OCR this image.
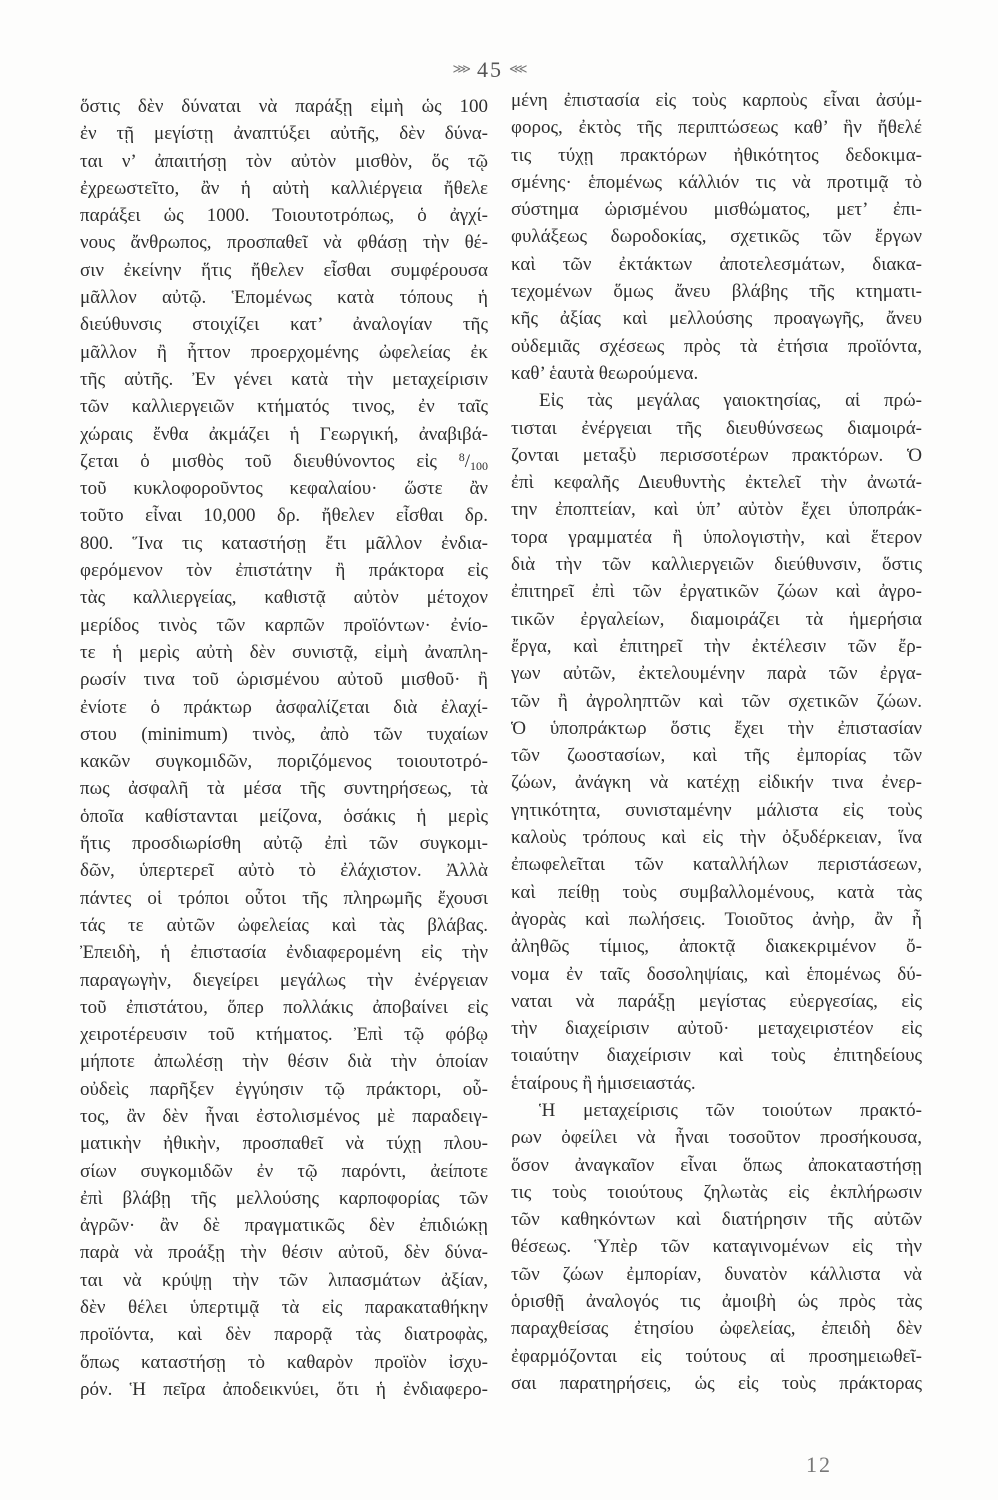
⋙ 45 ⋘
ὅστις δὲν δύναται νὰ παράξῃ εἰμὴ ὡς 100
ἐν τῇ μεγίστῃ ἀναπτύξει αὐτῆς, δὲν δύνα-
ται ν’ ἀπαιτήσῃ τὸν αὐτὸν μισθὸν, ὅς τῷ
ἐχρεωστεῖτο, ἂν ἡ αὐτὴ καλλιέργεια ἤθελε
παράξει ὡς 1000. Τοιουτοτρόπως, ὁ ἀγχί-
νους ἄνθρωπος, προσπαθεῖ νὰ φθάσῃ τὴν θέ-
σιν ἐκείνην ἥτις ἤθελεν εἶσθαι συμφέρουσα
μᾶλλον αὐτῷ. Ἑπομένως κατὰ τόπους ἡ
διεύθυνσις στοιχίζει κατ’ ἀναλογίαν τῆς
μᾶλλον ἢ ἧττον προερχομένης ὠφελείας ἐκ
τῆς αὐτῆς. Ἐν γένει κατὰ τὴν μεταχείρισιν
τῶν καλλιεργειῶν κτήματός τινος, ἐν ταῖς
χώραις ἔνθα ἀκμάζει ἡ Γεωργική, ἀναβιβά-
ζεται ὁ μισθὸς τοῦ διευθύνοντος εἰς $^8/_{100}$
τοῦ κυκλοφοροῦντος κεφαλαίου· ὥστε ἂν
τοῦτο εἶναι 10,000 δρ. ἤθελεν εἶσθαι δρ.
800. Ἵνα τις καταστήσῃ ἔτι μᾶλλον ἐνδια-
φερόμενον τὸν ἐπιστάτην ἢ πράκτορα εἰς
τὰς καλλιεργείας, καθιστᾷ αὐτὸν μέτοχον
μερίδος τινὸς τῶν καρπῶν προϊόντων· ἐνίο-
τε ἡ μερὶς αὐτὴ δὲν συνιστᾷ, εἰμὴ ἀναπλη-
ρωσίν τινα τοῦ ὡρισμένου αὐτοῦ μισθοῦ· ἢ
ἐνίοτε ὁ πράκτωρ ἀσφαλίζεται διὰ ἐλαχί-
στου (minimum) τινὸς, ἀπὸ τῶν τυχαίων
κακῶν συγκομιδῶν, ποριζόμενος τοιουτοτρό-
πως ἀσφαλῆ τὰ μέσα τῆς συντηρήσεως, τὰ
ὁποῖα καθίστανται μείζονα, ὁσάκις ἡ μερὶς
ἥτις προσδιωρίσθη αὐτῷ ἐπὶ τῶν συγκομι-
δῶν, ὑπερτερεῖ αὐτὸ τὸ ἐλάχιστον. Ἀλλὰ
πάντες οἱ τρόποι οὗτοι τῆς πληρωμῆς ἔχουσι
τάς τε αὐτῶν ὠφελείας καὶ τὰς βλάβας.
Ἐπειδὴ, ἡ ἐπιστασία ἐνδιαφερομένη εἰς τὴν
παραγωγὴν, διεγείρει μεγάλως τὴν ἐνέργειαν
τοῦ ἐπιστάτου, ὅπερ πολλάκις ἀποβαίνει εἰς
χειροτέρευσιν τοῦ κτήματος. Ἐπὶ τῷ φόβῳ
μήποτε ἀπωλέσῃ τὴν θέσιν διὰ τὴν ὁποίαν
οὐδεὶς παρῆξεν ἐγγύησιν τῷ πράκτορι, οὗ-
τος, ἂν δὲν ἦναι ἐστολισμένος μὲ παραδειγ-
ματικὴν ἠθικὴν, προσπαθεῖ νὰ τύχῃ πλου-
σίων συγκομιδῶν ἐν τῷ παρόντι, ἀείποτε
ἐπὶ βλάβῃ τῆς μελλούσης καρποφορίας τῶν
ἀγρῶν· ἂν δὲ πραγματικῶς δὲν ἐπιδιώκῃ
παρὰ νὰ προάξῃ τὴν θέσιν αὐτοῦ, δὲν δύνα-
ται νὰ κρύψῃ τὴν τῶν λιπασμάτων ἀξίαν,
δὲν θέλει ὑπερτιμᾷ τὰ εἰς παρακαταθήκην
προϊόντα, καὶ δὲν παρορᾷ τὰς διατροφὰς,
ὅπως καταστήσῃ τὸ καθαρὸν προϊὸν ἰσχυ-
ρόν. Ἡ πεῖρα ἀποδεικνύει, ὅτι ἡ ἐνδιαφερο-
μένη ἐπιστασία εἰς τοὺς καρποὺς εἶναι ἀσύμ-
φορος, ἐκτὸς τῆς περιπτώσεως καθ’ ἣν ἤθελέ
τις τύχῃ πρακτόρων ἠθικότητος δεδοκιμα-
σμένης· ἑπομένως κάλλιόν τις νὰ προτιμᾷ τὸ
σύστημα ὡρισμένου μισθώματος, μετ’ ἐπι-
φυλάξεως δωροδοκίας, σχετικῶς τῶν ἔργων
καὶ τῶν ἐκτάκτων ἀποτελεσμάτων, διακα-
τεχομένων ὅμως ἄνευ βλάβης τῆς κτηματι-
κῆς ἀξίας καὶ μελλούσης προαγωγῆς, ἄνευ
οὐδεμιᾶς σχέσεως πρὸς τὰ ἐτήσια προϊόντα,
καθ’ ἑαυτὰ θεωρούμενα.
Εἰς τὰς μεγάλας γαιοκτησίας, αἱ πρώ-
τισται ἐνέργειαι τῆς διευθύνσεως διαμοιρά-
ζονται μεταξὺ περισσοτέρων πρακτόρων. Ὁ
ἐπὶ κεφαλῆς Διευθυντὴς ἐκτελεῖ τὴν ἀνωτά-
την ἐποπτείαν, καὶ ὑπ’ αὐτὸν ἔχει ὑποπράκ-
τορα γραμματέα ἢ ὑπολογιστὴν, καὶ ἕτερον
διὰ τὴν τῶν καλλιεργειῶν διεύθυνσιν, ὅστις
ἐπιτηρεῖ ἐπὶ τῶν ἐργατικῶν ζώων καὶ ἀγρο-
τικῶν ἐργαλείων, διαμοιράζει τὰ ἡμερήσια
ἔργα, καὶ ἐπιτηρεῖ τὴν ἐκτέλεσιν τῶν ἔρ-
γων αὐτῶν, ἐκτελουμένην παρὰ τῶν ἐργα-
τῶν ἢ ἀγροληπτῶν καὶ τῶν σχετικῶν ζώων.
Ὁ ὑποπράκτωρ ὅστις ἔχει τὴν ἐπιστασίαν
τῶν ζωοστασίων, καὶ τῆς ἐμπορίας τῶν
ζώων, ἀνάγκη νὰ κατέχῃ εἰδικήν τινα ἐνερ-
γητικότητα, συνισταμένην μάλιστα εἰς τοὺς
καλοὺς τρόπους καὶ εἰς τὴν ὀξυδέρκειαν, ἵνα
ἐπωφελεῖται τῶν καταλλήλων περιστάσεων,
καὶ πείθῃ τοὺς συμβαλλομένους, κατὰ τὰς
ἀγορὰς καὶ πωλήσεις. Τοιοῦτος ἀνὴρ, ἂν ἦ
ἀληθῶς τίμιος, ἀποκτᾷ διακεκριμένον ὄ-
νομα ἐν ταῖς δοσοληψίαις, καὶ ἑπομένως δύ-
ναται νὰ παράξῃ μεγίστας εὐεργεσίας, εἰς
τὴν διαχείρισιν αὐτοῦ· μεταχειριστέον εἰς
τοιαύτην διαχείρισιν καὶ τοὺς ἐπιτηδείους
ἑταίρους ἢ ἡμισειαστάς.
Ἡ μεταχείρισις τῶν τοιούτων πρακτό-
ρων ὀφείλει νὰ ἦναι τοσοῦτον προσήκουσα,
ὅσον ἀναγκαῖον εἶναι ὅπως ἀποκαταστήσῃ
τις τοὺς τοιούτους ζηλωτὰς εἰς ἐκπλήρωσιν
τῶν καθηκόντων καὶ διατήρησιν τῆς αὐτῶν
θέσεως. Ὑπὲρ τῶν καταγινομένων εἰς τὴν
τῶν ζώων ἐμπορίαν, δυνατὸν κάλλιστα νὰ
ὁρισθῇ ἀναλογός τις ἀμοιβὴ ὡς πρὸς τὰς
παραχθείσας ἐτησίου ὠφελείας, ἐπειδὴ δὲν
ἐφαρμόζονται εἰς τούτους αἱ προσημειωθεῖ-
σαι παρατηρήσεις, ὡς εἰς τοὺς πράκτορας
12
